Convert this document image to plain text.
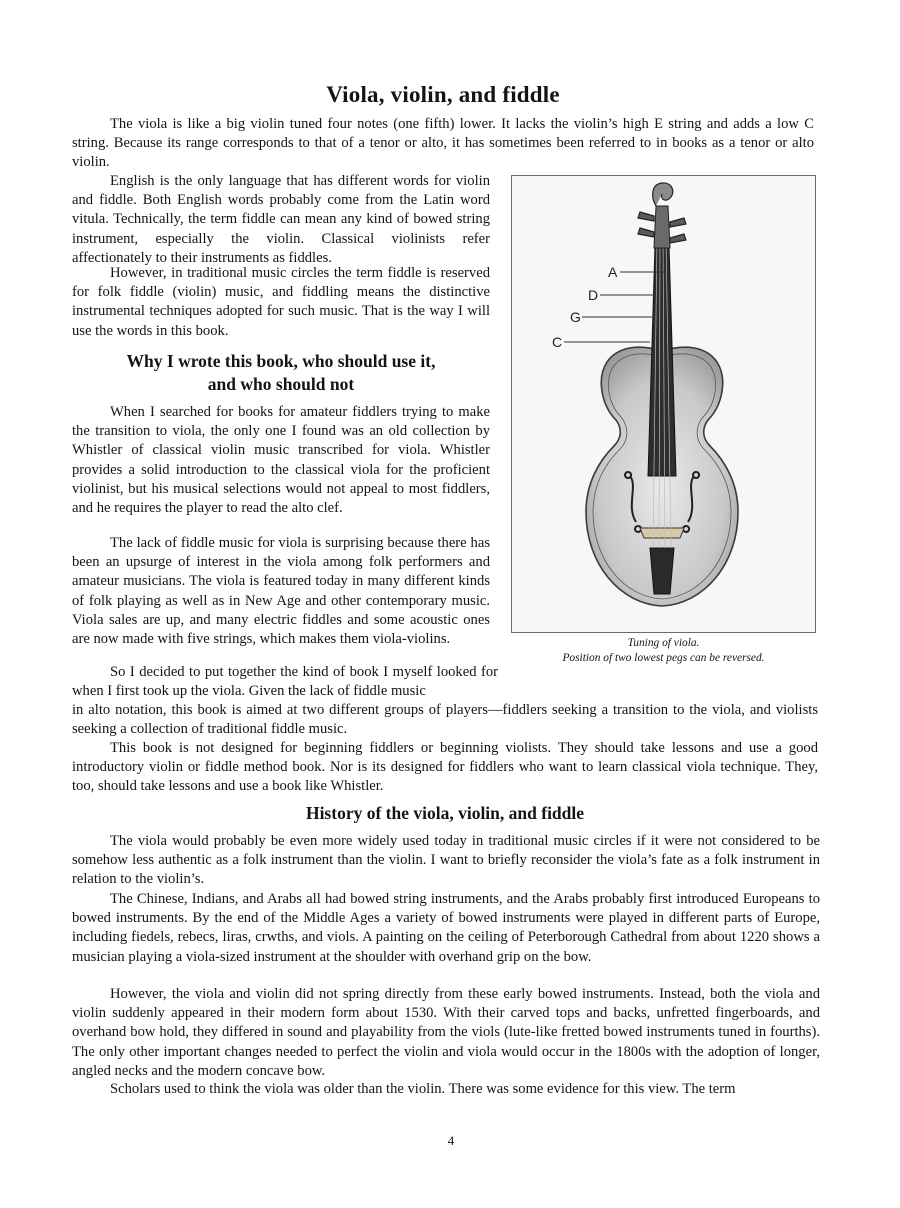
Viola, violin, and fiddle

The viola is like a big violin tuned four notes (one fifth) lower. It lacks the violin’s high E string and adds a low C string. Because its range corresponds to that of a tenor or alto, it has sometimes been referred to in books as a tenor or alto violin.

English is the only language that has different words for violin and fiddle. Both English words probably come from the Latin word vitula. Technically, the term fiddle can mean any kind of bowed string instrument, especially the violin. Classical violinists refer affectionately to their instruments as fiddles.

However, in traditional music circles the term fiddle is reserved for folk fiddle (violin) music, and fiddling means the distinctive instrumental techniques adopted for such music. That is the way I will use the words in this book.

Why I wrote this book, who should use it,
and who should not

When I searched for books for amateur fiddlers trying to make the transition to viola, the only one I found was an old collection by Whistler of classical violin music transcribed for viola. Whistler provides a solid introduction to the classical viola for the proficient violinist, but his musical selections would not appeal to most fiddlers, and he requires the player to read the alto clef.

The lack of fiddle music for viola is surprising because there has been an upsurge of interest in the viola among folk performers and amateur musicians. The viola is featured today in many different kinds of folk playing as well as in New Age and other contemporary music. Viola sales are up, and many electric fiddles and some acoustic ones are now made with five strings, which makes them viola-violins.

So I decided to put together the kind of book I myself looked for when I first took up the viola. Given the lack of fiddle music

in alto notation, this book is aimed at two different groups of players—fiddlers seeking a transition to the viola, and violists seeking a collection of traditional fiddle music.

This book is not designed for beginning fiddlers or beginning violists. They should take lessons and use a good introductory violin or fiddle method book. Nor is its designed for fiddlers who want to learn classical viola technique. They, too, should take lessons and use a book like Whistler.

A
D
G
C
Tuning of viola.
Position of two lowest pegs can be reversed.
History of the viola, violin, and fiddle

The viola would probably be even more widely used today in traditional music circles if it were not considered to be somehow less authentic as a folk instrument than the violin. I want to briefly reconsider the viola’s fate as a folk instrument in relation to the violin’s.

The Chinese, Indians, and Arabs all had bowed string instruments, and the Arabs probably first introduced Europeans to bowed instruments. By the end of the Middle Ages a variety of bowed instruments were played in different parts of Europe, including fiedels, rebecs, liras, crwths, and viols. A painting on the ceiling of Peterborough Cathedral from about 1220 shows a musician playing a viola-sized instrument at the shoulder with overhand grip on the bow.

However, the viola and violin did not spring directly from these early bowed instruments. Instead, both the viola and violin suddenly appeared in their modern form about 1530. With their carved tops and backs, unfretted fingerboards, and overhand bow hold, they differed in sound and playability from the viols (lute-like fretted bowed instruments tuned in fourths). The only other important changes needed to perfect the violin and viola would occur in the 1800s with the adoption of longer, angled necks and the modern concave bow.

Scholars used to think the viola was older than the violin. There was some evidence for this view. The term

4
